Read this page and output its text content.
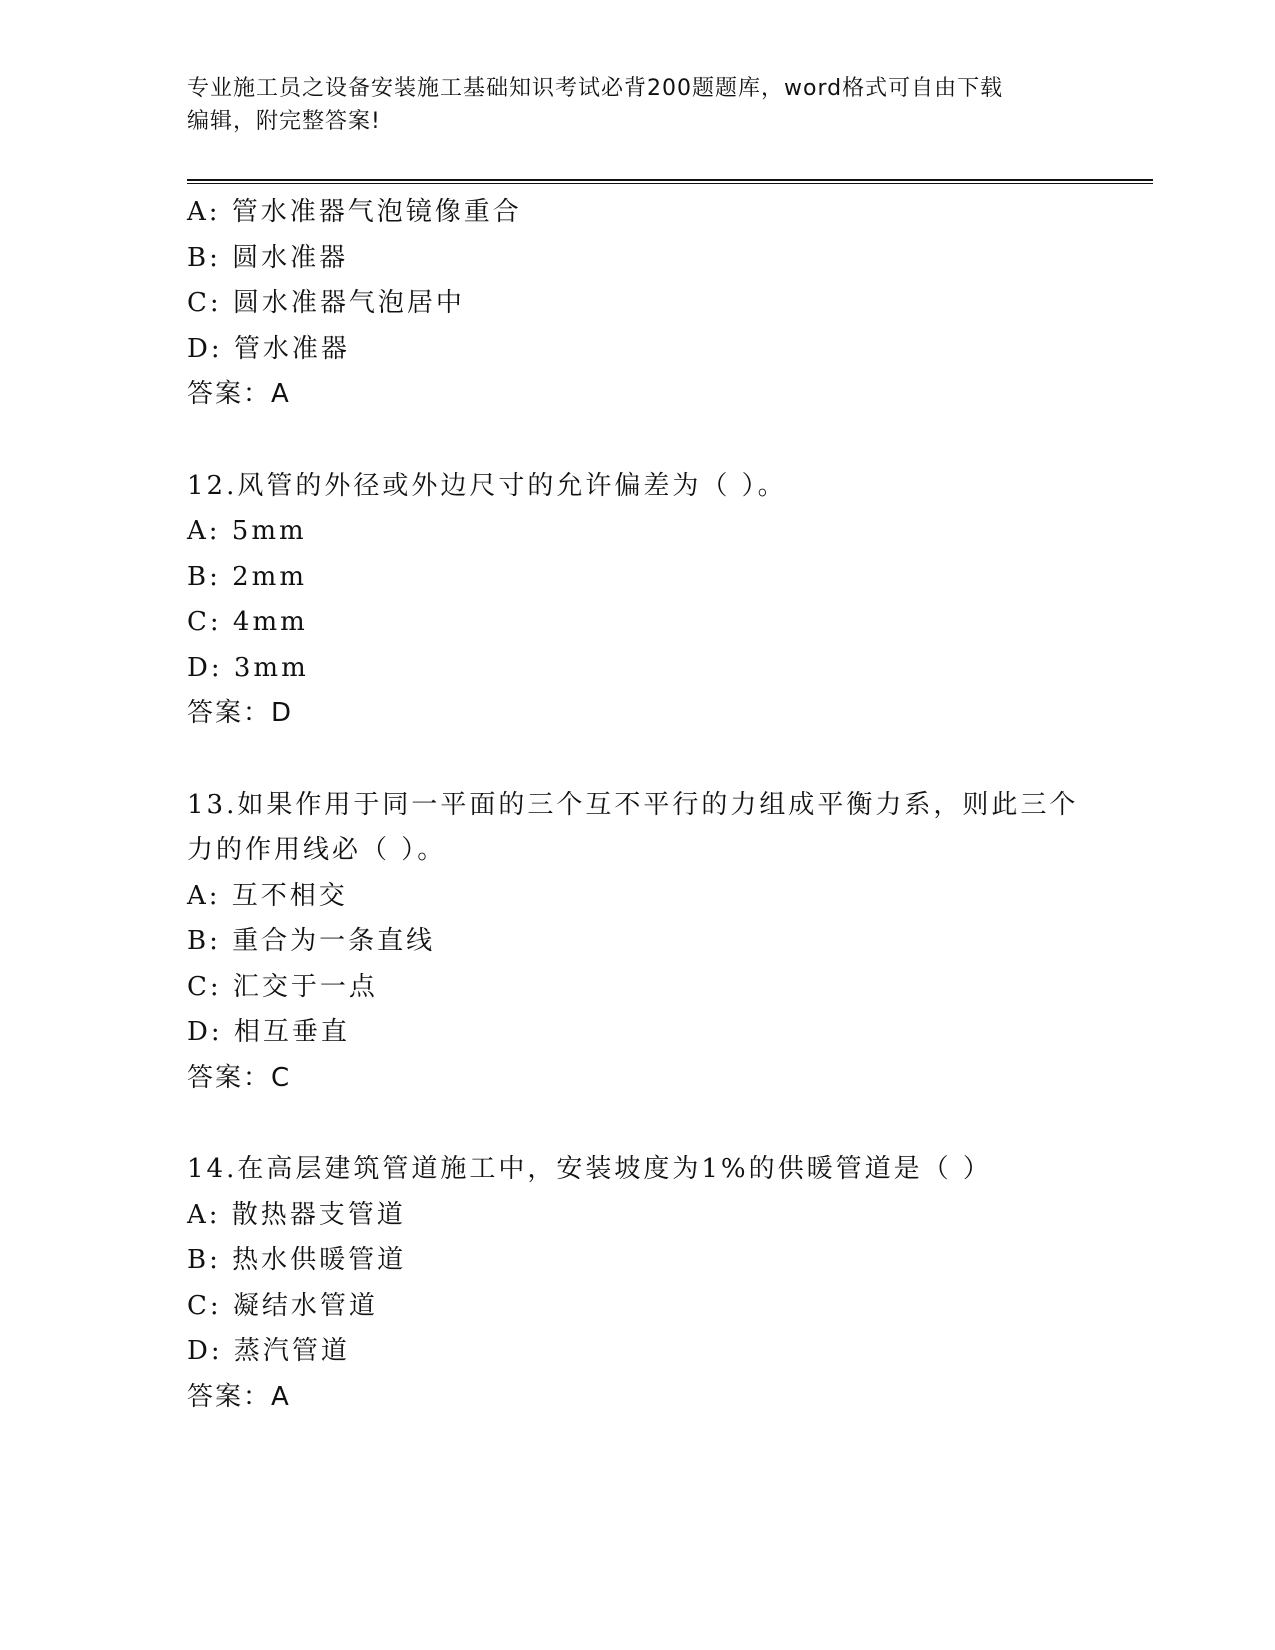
专业施工员之设备安装施工基础知识考试必背200题题库，word格式可自由下载
编辑，附完整答案!
A: 管水准器气泡镜像重合
B: 圆水准器
C: 圆水准器气泡居中
D: 管水准器
答案：A
12.风管的外径或外边尺寸的允许偏差为（ ）。
A: 5mm
B: 2mm
C: 4mm
D: 3mm
答案：D
13.如果作用于同一平面的三个互不平行的力组成平衡力系，则此三个
力的作用线必（ ）。
A: 互不相交
B: 重合为一条直线
C: 汇交于一点
D: 相互垂直
答案：C
14.在高层建筑管道施工中，安装坡度为1%的供暖管道是（ ）
A: 散热器支管道
B: 热水供暖管道
C: 凝结水管道
D: 蒸汽管道
答案：A
